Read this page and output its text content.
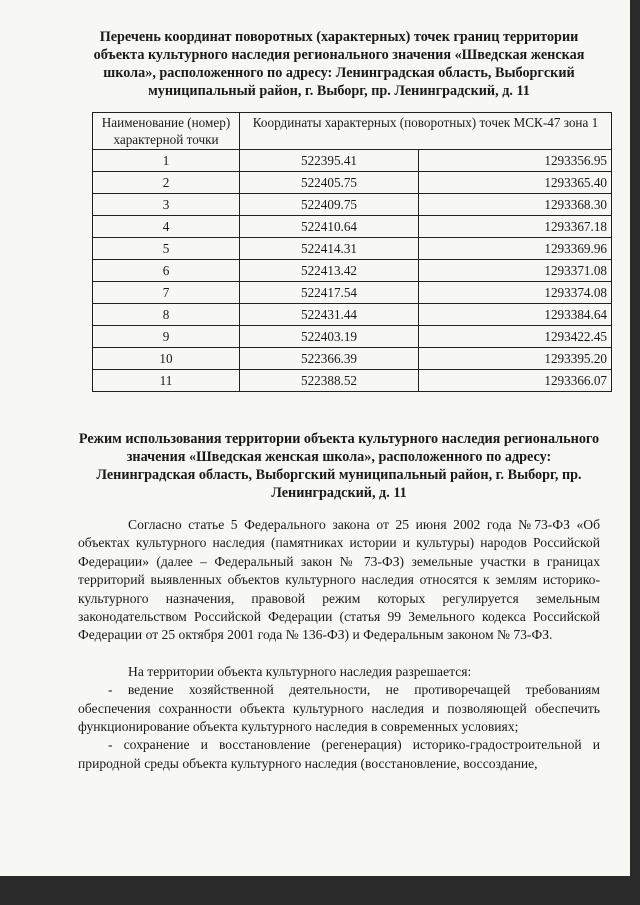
Перечень координат поворотных (характерных) точек границ территории объекта культурного наследия регионального значения «Шведская женская школа», расположенного по адресу: Ленинградская область, Выборгский муниципальный район, г. Выборг, пр. Ленинградский, д. 11
Наименование (номер) характерной точки	Координаты характерных (поворотных) точек МСК-47 зона 1	
1	522395.41	1293356.95
2	522405.75	1293365.40
3	522409.75	1293368.30
4	522410.64	1293367.18
5	522414.31	1293369.96
6	522413.42	1293371.08
7	522417.54	1293374.08
8	522431.44	1293384.64
9	522403.19	1293422.45
10	522366.39	1293395.20
11	522388.52	1293366.07
Режим использования территории объекта культурного наследия регионального значения «Шведская женская школа», расположенного по адресу: Ленинградская область, Выборгский муниципальный район, г. Выборг, пр. Ленинградский, д. 11

Согласно статье 5 Федерального закона от 25 июня 2002 года №73-ФЗ «Об объектах культурного наследия (памятниках истории и культуры) народов Российской Федерации» (далее – Федеральный закон № 73-ФЗ) земельные участки в границах территорий выявленных объектов культурного наследия относятся к землям историко-культурного назначения, правовой режим которых регулируется земельным законодательством Российской Федерации (статья 99 Земельного кодекса Российской Федерации от 25 октября 2001 года № 136-ФЗ) и Федеральным законом № 73-ФЗ.

На территории объекта культурного наследия разрешается:

- ведение хозяйственной деятельности, не противоречащей требованиям обеспечения сохранности объекта культурного наследия и позволяющей обеспечить функционирование объекта культурного наследия в современных условиях;

- сохранение и восстановление (регенерация) историко-градостроительной и природной среды объекта культурного наследия (восстановление, воссоздание,
